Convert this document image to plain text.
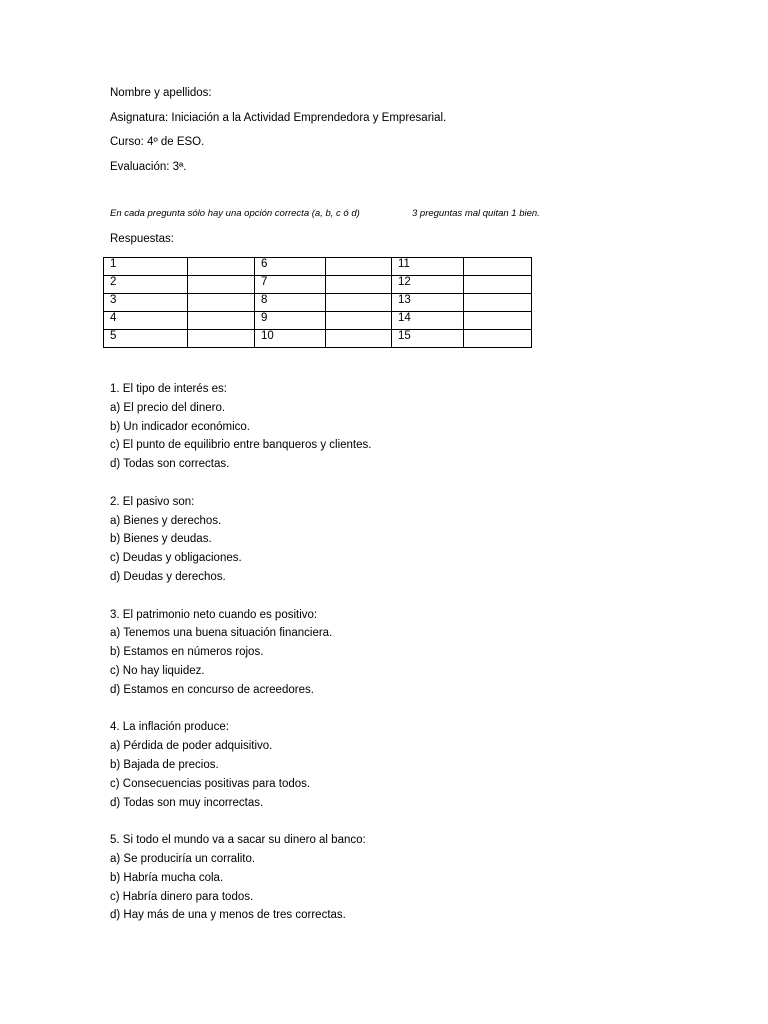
Nombre y apellidos:
Asignatura: Iniciación a la Actividad Emprendedora y Empresarial.
Curso: 4º de ESO.
Evaluación: 3ª.
En cada pregunta sólo hay una opción correcta (a, b, c ó d)	3 preguntas mal quitan 1 bien.
Respuestas:
1		6		11	
2		7		12	
3		8		13	
4		9		14	
5		10		15	
1. El tipo de interés es:
a) El precio del dinero.
b) Un indicador económico.
c) El punto de equilibrio entre banqueros y clientes.
d) Todas son correctas.
2. El pasivo son:
a) Bienes y derechos.
b) Bienes y deudas.
c) Deudas y obligaciones.
d) Deudas y derechos.
3. El patrimonio neto cuando es positivo:
a) Tenemos una buena situación financiera.
b) Estamos en números rojos.
c) No hay liquidez.
d) Estamos en concurso de acreedores.
4. La inflación produce:
a) Pérdida de poder adquisitivo.
b) Bajada de precios.
c) Consecuencias positivas para todos.
d) Todas son muy incorrectas.
5. Si todo el mundo va a sacar su dinero al banco:
a) Se produciría un corralito.
b) Habría mucha cola.
c) Habría dinero para todos.
d) Hay más de una y menos de tres correctas.
